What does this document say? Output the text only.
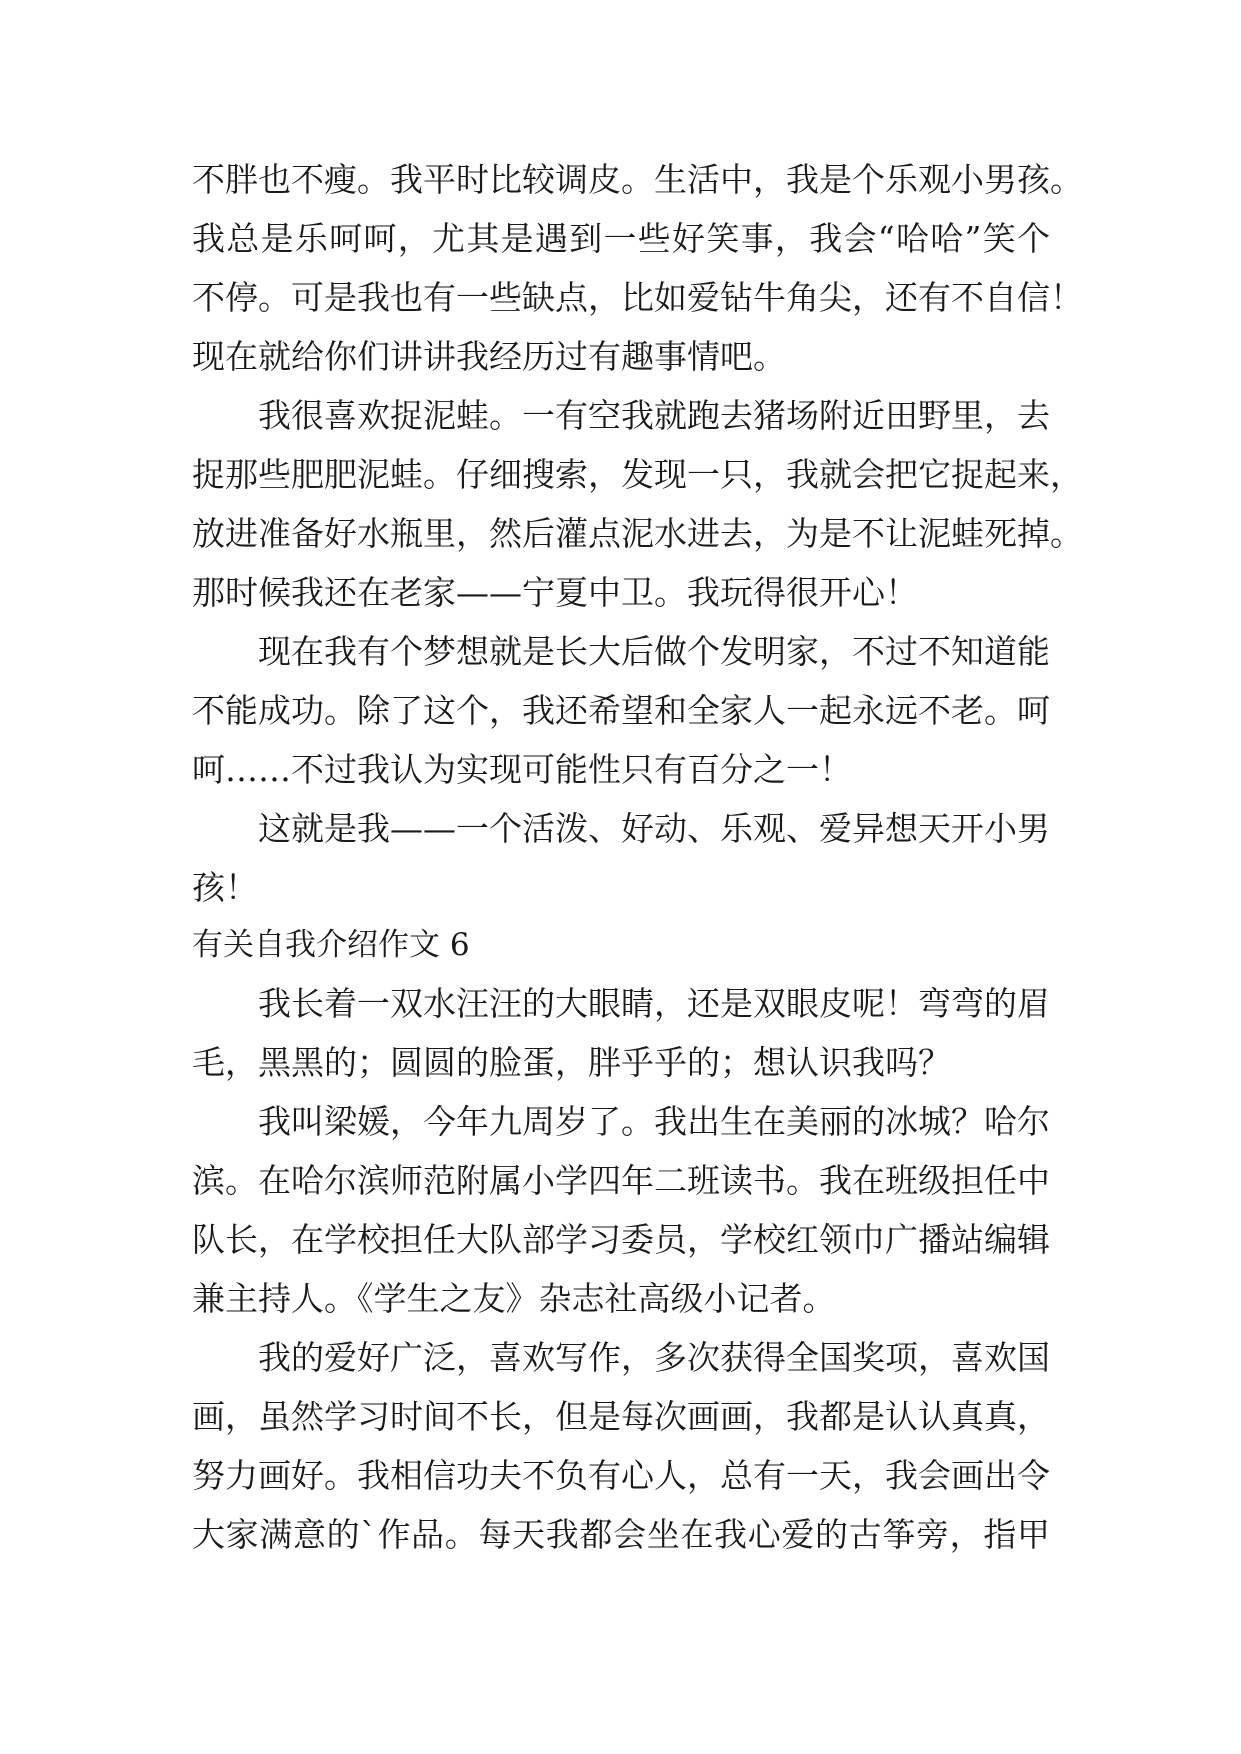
不胖也不瘦。我平时比较调皮。生活中，我是个乐观小男孩。
我总是乐呵呵，尤其是遇到一些好笑事，我会“哈哈”笑个
不停。可是我也有一些缺点，比如爱钻牛角尖，还有不自信！
现在就给你们讲讲我经历过有趣事情吧。
我很喜欢捉泥蛙。一有空我就跑去猪场附近田野里，去
捉那些肥肥泥蛙。仔细搜索，发现一只，我就会把它捉起来，
放进准备好水瓶里，然后灌点泥水进去，为是不让泥蛙死掉。
那时候我还在老家——宁夏中卫。我玩得很开心！
现在我有个梦想就是长大后做个发明家，不过不知道能
不能成功。除了这个，我还希望和全家人一起永远不老。呵
呵……不过我认为实现可能性只有百分之一！
这就是我——一个活泼、好动、乐观、爱异想天开小男
孩！
有关自我介绍作文 6
我长着一双水汪汪的大眼睛，还是双眼皮呢！弯弯的眉
毛，黑黑的；圆圆的脸蛋，胖乎乎的；想认识我吗？
我叫梁媛，今年九周岁了。我出生在美丽的冰城？哈尔
滨。在哈尔滨师范附属小学四年二班读书。我在班级担任中
队长，在学校担任大队部学习委员，学校红领巾广播站编辑
兼主持人。《学生之友》杂志社高级小记者。
我的爱好广泛，喜欢写作，多次获得全国奖项，喜欢国
画，虽然学习时间不长，但是每次画画，我都是认认真真，
努力画好。我相信功夫不负有心人，总有一天，我会画出令
大家满意的`作品。每天我都会坐在我心爱的古筝旁，指甲
